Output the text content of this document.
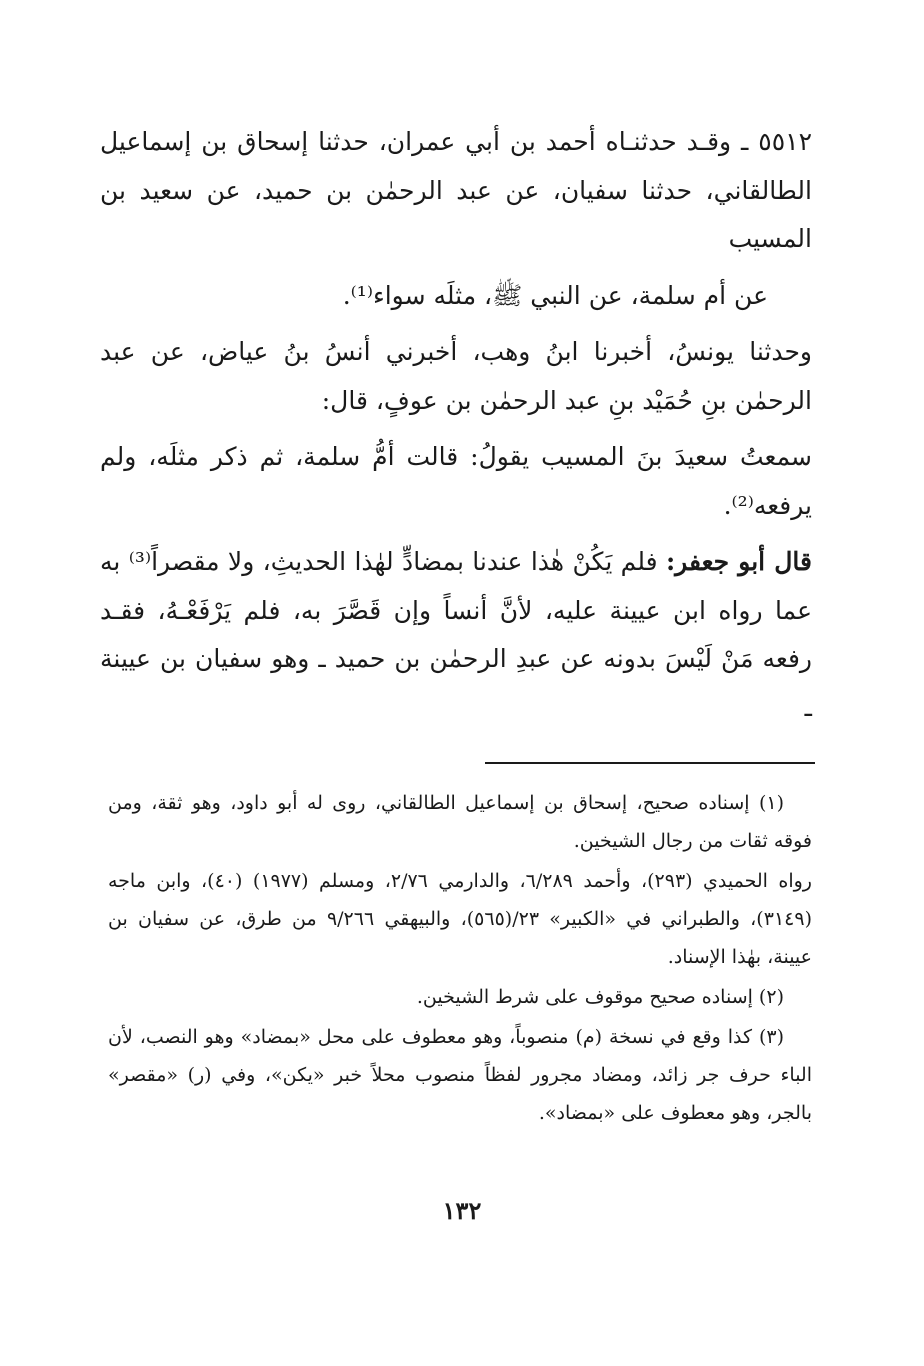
٥٥١٢ ـ وقـد حدثنـاه أحمد بن أبي عمران، حدثنا إسحاق بن إسماعيل الطالقاني، حدثنا سفيان، عن عبد الرحمٰن بن حميد، عن سعيد بن المسيب

عن أم سلمة، عن النبي ﷺ، مثلَه سواء⁽¹⁾.

وحدثنا يونسُ، أخبرنا ابنُ وهب، أخبرني أنسُ بنُ عياض، عن عبد الرحمٰن بنِ حُمَيْد بنِ عبد الرحمٰن بن عوفٍ، قال:

سمعتُ سعيدَ بنَ المسيب يقولُ: قالت أمُّ سلمة، ثم ذكر مثلَه، ولم يرفعه⁽²⁾.

قال أبو جعفر: فلم يَكُنْ هٰذا عندنا بمضادٍّ لهٰذا الحديثِ، ولا مقصراً⁽³⁾ به عما رواه ابن عيينة عليه، لأنَّ أنساً وإن قَصَّرَ به، فلم يَرْفَعْـهُ، فقـد رفعه مَنْ لَيْسَ بدونه عن عبدِ الرحمٰن بن حميد ـ وهو سفيان بن عيينة ـ

(١) إسناده صحيح، إسحاق بن إسماعيل الطالقاني، روى له أبو داود، وهو ثقة، ومن فوقه ثقات من رجال الشيخين.

رواه الحميدي (٢٩٣)، وأحمد ٦/٢٨٩، والدارمي ٢/٧٦، ومسلم (١٩٧٧) (٤٠)، وابن ماجه (٣١٤٩)، والطبراني في «الكبير» ٢٣/(٥٦٥)، والبيهقي ٩/٢٦٦ من طرق، عن سفيان بن عيينة، بهٰذا الإسناد.

(٢) إسناده صحيح موقوف على شرط الشيخين.

(٣) كذا وقع في نسخة (م) منصوباً، وهو معطوف على محل «بمضاد» وهو النصب، لأن الباء حرف جر زائد، ومضاد مجرور لفظاً منصوب محلاً خبر «يكن»، وفي (ر) «مقصر» بالجر، وهو معطوف على «بمضاد».

١٣٢
